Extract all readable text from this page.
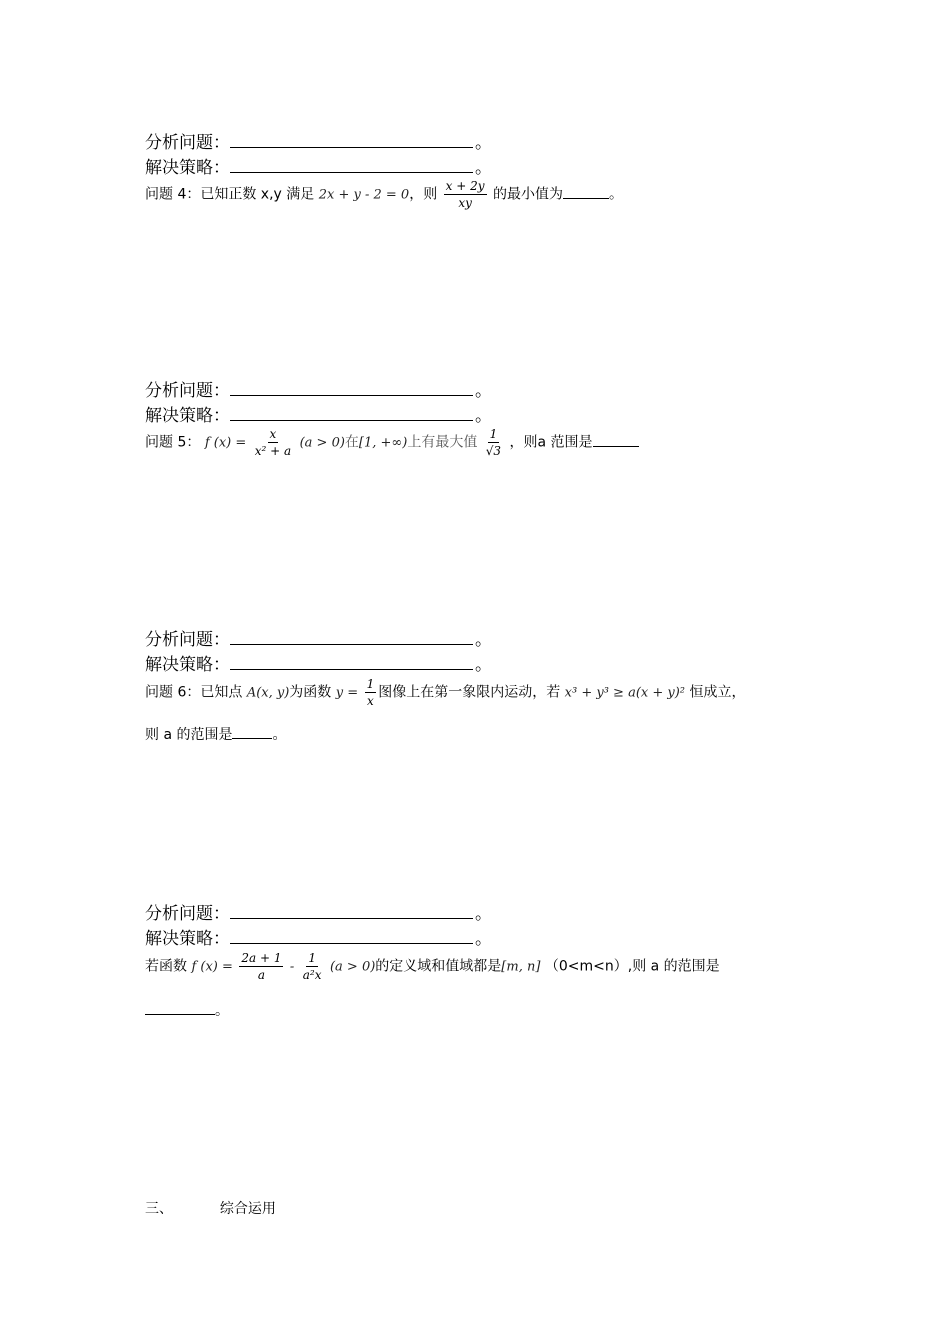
分析问题：	。
解决策略：	。
问题 4：已知正数 x,y 满足 2x + y - 2 = 0，则 $\frac{x + 2y}{xy}$ 的最小值为	。
分析问题：	。
解决策略：	。
问题 5： f $(x) = \frac{x}{\text{x² + a}} (a > 0)$在[1, +∞)上有最大值 $\frac{1}{√3}$ ，则a 范围是
分析问题：	。
解决策略：	。
问题 6：已知点 A(x, y)为函数 $y = \frac{1}{x}$ 图像上在第一象限内运动，若 x³ + y³ ≥ a(x + y)² 恒成立，
则 a 的范围是	。
分析问题：	。
解决策略：	。
若函数 f $(x) = \frac{2a + 1}{a} - \frac{1}{\text{a²x}} (a > 0)$的定义域和值域都是[m, n] （0<m<n）,则 a 的范围是
。
三、	综合运用
